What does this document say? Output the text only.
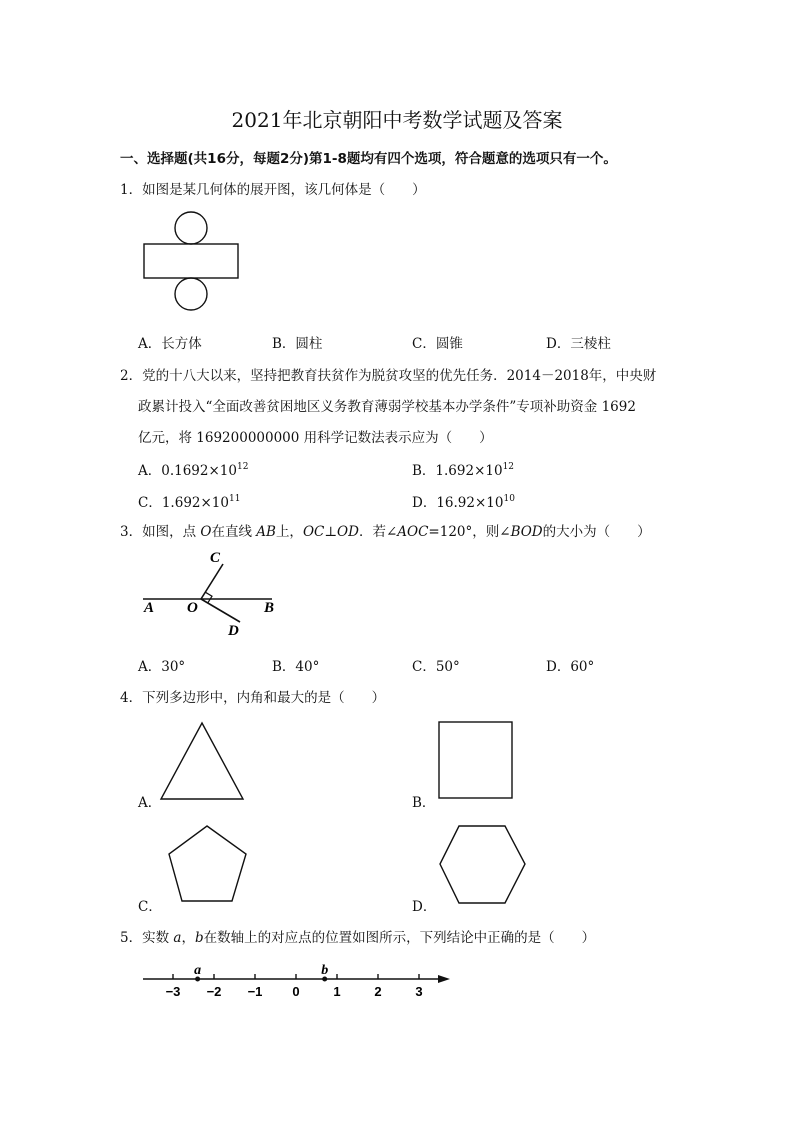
2021年北京朝阳中考数学试题及答案
一、选择题(共16分，每题2分)第1-8题均有四个选项，符合题意的选项只有一个。
1．如图是某几何体的展开图，该几何体是（　　）
A．长方体	B．圆柱	C．圆锥	D．三棱柱
2．党的十八大以来，坚持把教育扶贫作为脱贫攻坚的优先任务．2014－2018年，中央财
政累计投入“全面改善贫困地区义务教育薄弱学校基本办学条件”专项补助资金 1692
亿元，将 169200000000 用科学记数法表示应为（　　）
A．$0.1692\times 10^{12}$	B．$1.692\times 10^{12}$
C．$1.692\times 10^{11}$	D．$16.92\times 10^{10}$
3．如图，点 O在直线 AB上，OC⊥OD．若∠AOC=120°，则∠BOD的大小为（　　）
A O	B
C
D
A．30°	B．40°	C．50°	D．60°
4．下列多边形中，内角和最大的是（　　）
A．	B．
C．	D．
5．实数 a，b在数轴上的对应点的位置如图所示，下列结论中正确的是（　　）
−3 −2 −1 0	1	2	3
a	b
